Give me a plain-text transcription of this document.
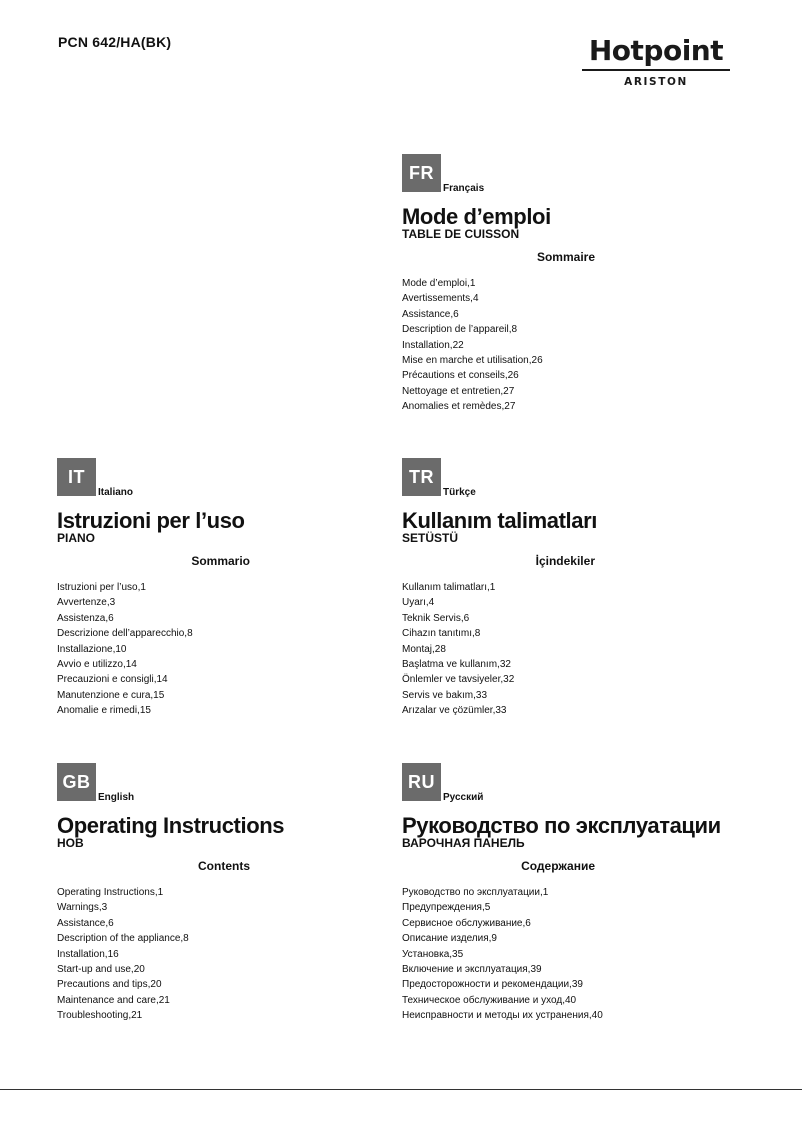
PCN 642/HA(BK)	Hotpoint
ARISTON
FR
Français
Mode d’emploi
TABLE DE CUISSON
Sommaire
Mode d’emploi,1
Avertissements,4
Assistance,6
Description de l’appareil,8
Installation,22
Mise en marche et utilisation,26
Précautions et conseils,26
Nettoyage et entretien,27
Anomalies et remèdes,27
IT
Italiano
Istruzioni per l’uso
PIANO
Sommario
Istruzioni per l’uso,1
Avvertenze,3
Assistenza,6
Descrizione dell’apparecchio,8
Installazione,10
Avvio e utilizzo,14
Precauzioni e consigli,14
Manutenzione e cura,15
Anomalie e rimedi,15
TR
Türkçe
Kullanım talimatları
SETÜSTÜ
İçindekiler
Kullanım talimatları,1
Uyarı,4
Teknik Servis,6
Cihazın tanıtımı,8
Montaj,28
Başlatma ve kullanım,32
Önlemler ve tavsiyeler,32
Servis ve bakım,33
Arızalar ve çözümler,33
GB
English
Operating Instructions
HOB
Contents
Operating Instructions,1
Warnings,3
Assistance,6
Description of the appliance,8
Installation,16
Start-up and use,20
Precautions and tips,20
Maintenance and care,21
Troubleshooting,21
RU
Русский
Руководство по эксплуатации
ВАРОЧНАЯ ПАНЕЛЬ
Содержание
Руководство по эксплуатации,1
Предупреждения,5
Сервисное обслуживание,6
Описание изделия,9
Установка,35
Включение и эксплуатация,39
Предосторожности и рекомендации,39
Техническое обслуживание и уход,40
Неисправности и методы их устранения,40
